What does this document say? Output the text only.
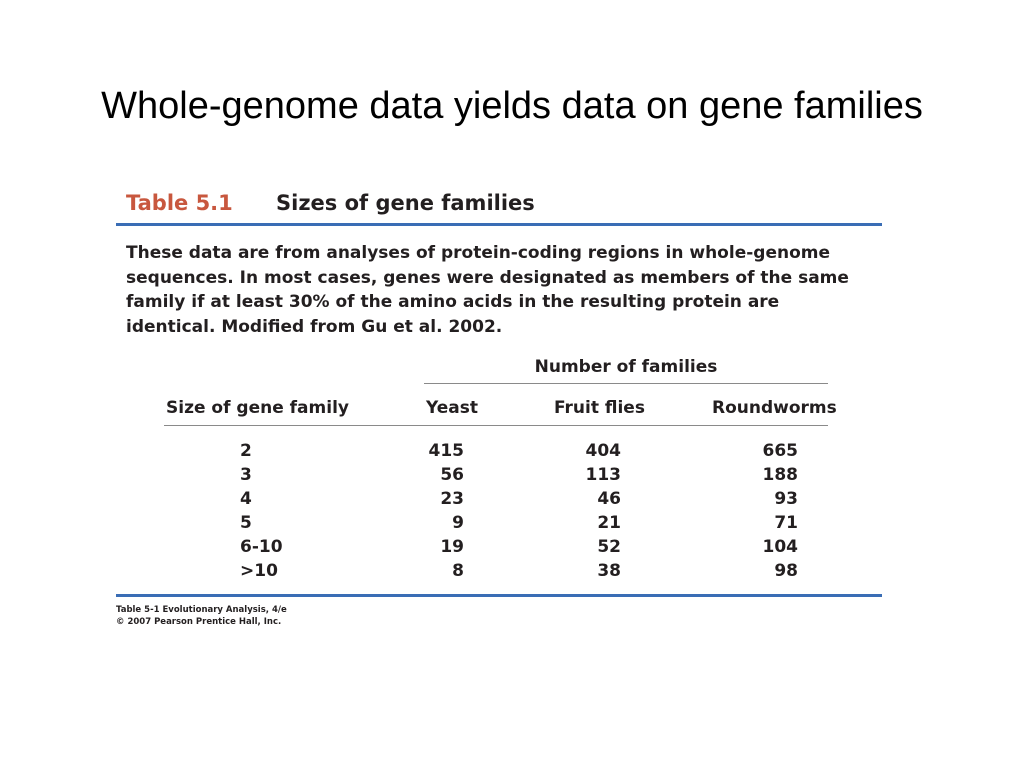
Whole-genome data yields data on gene families
Table 5.1 Sizes of gene families
These data are from analyses of protein-coding regions in whole-genome
sequences. In most cases, genes were designated as members of the same
family if at least 30% of the amino acids in the resulting protein are
identical. Modified from Gu et al. 2002.
Number of families
Size of gene family	Yeast	Fruit flies	Roundworms
2	415	404	665
3	56	113	188
4	23	46	93
5	9	21	71
6-10	19	52	104
>10	8	38	98
Table 5-1 Evolutionary Analysis, 4/e
© 2007 Pearson Prentice Hall, Inc.
